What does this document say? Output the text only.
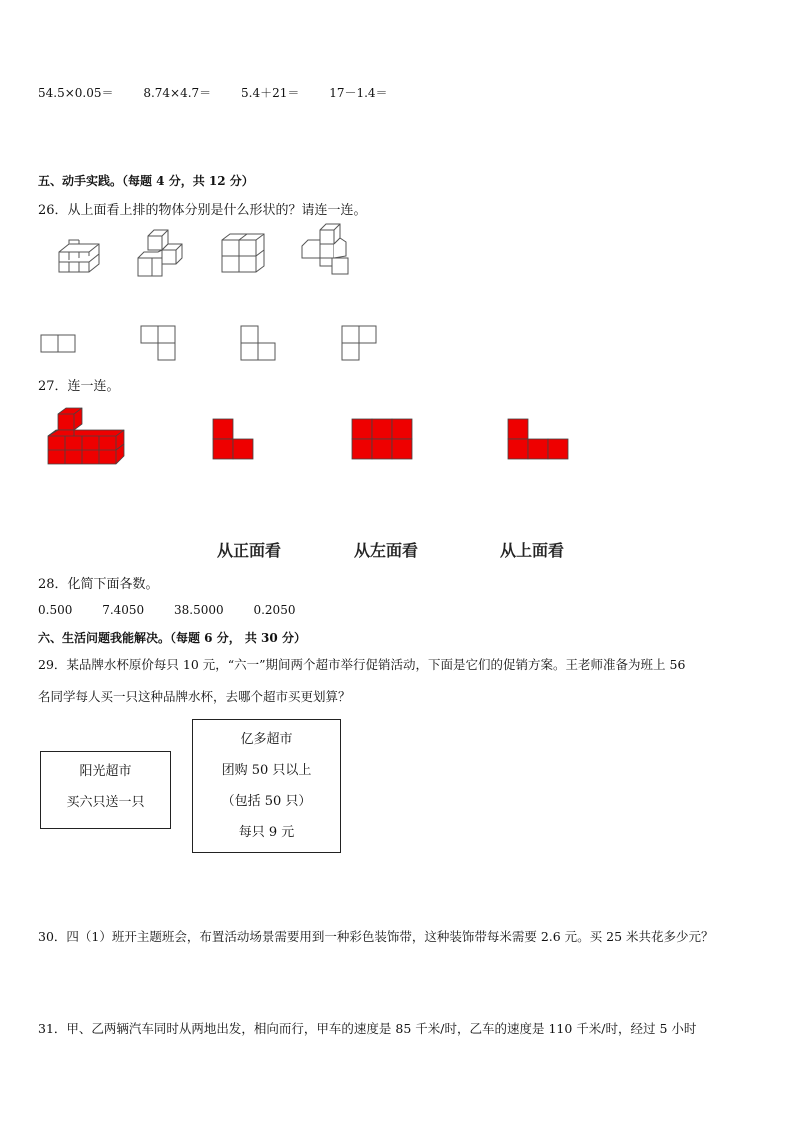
54.5×0.05＝ 8.74×4.7＝ 5.4＋21＝ 17－1.4＝
五、动手实践。（每题 4 分，共 12 分）
26．从上面看上排的物体分别是什么形状的？请连一连。
27．连一连。
从正面看	从左面看	从上面看
28．化简下面各数。
0.500 7.4050 38.5000 0.2050
六、生活问题我能解决。（每题 6 分， 共 30 分）
29．某品牌水杯原价每只 10 元，“六一”期间两个超市举行促销活动，下面是它们的促销方案。王老师准备为班上 56
名同学每人买一只这种品牌水杯，去哪个超市买更划算？
阳光超市
买六只送一只
亿多超市
团购 50 只以上
（包括 50 只）
每只 9 元
30．四（1）班开主题班会，布置活动场景需要用到一种彩色装饰带，这种装饰带每米需要 2.6 元。买 25 米共花多少元？
31．甲、乙两辆汽车同时从两地出发，相向而行，甲车的速度是 85 千米/时，乙车的速度是 110 千米/时，经过 5 小时
